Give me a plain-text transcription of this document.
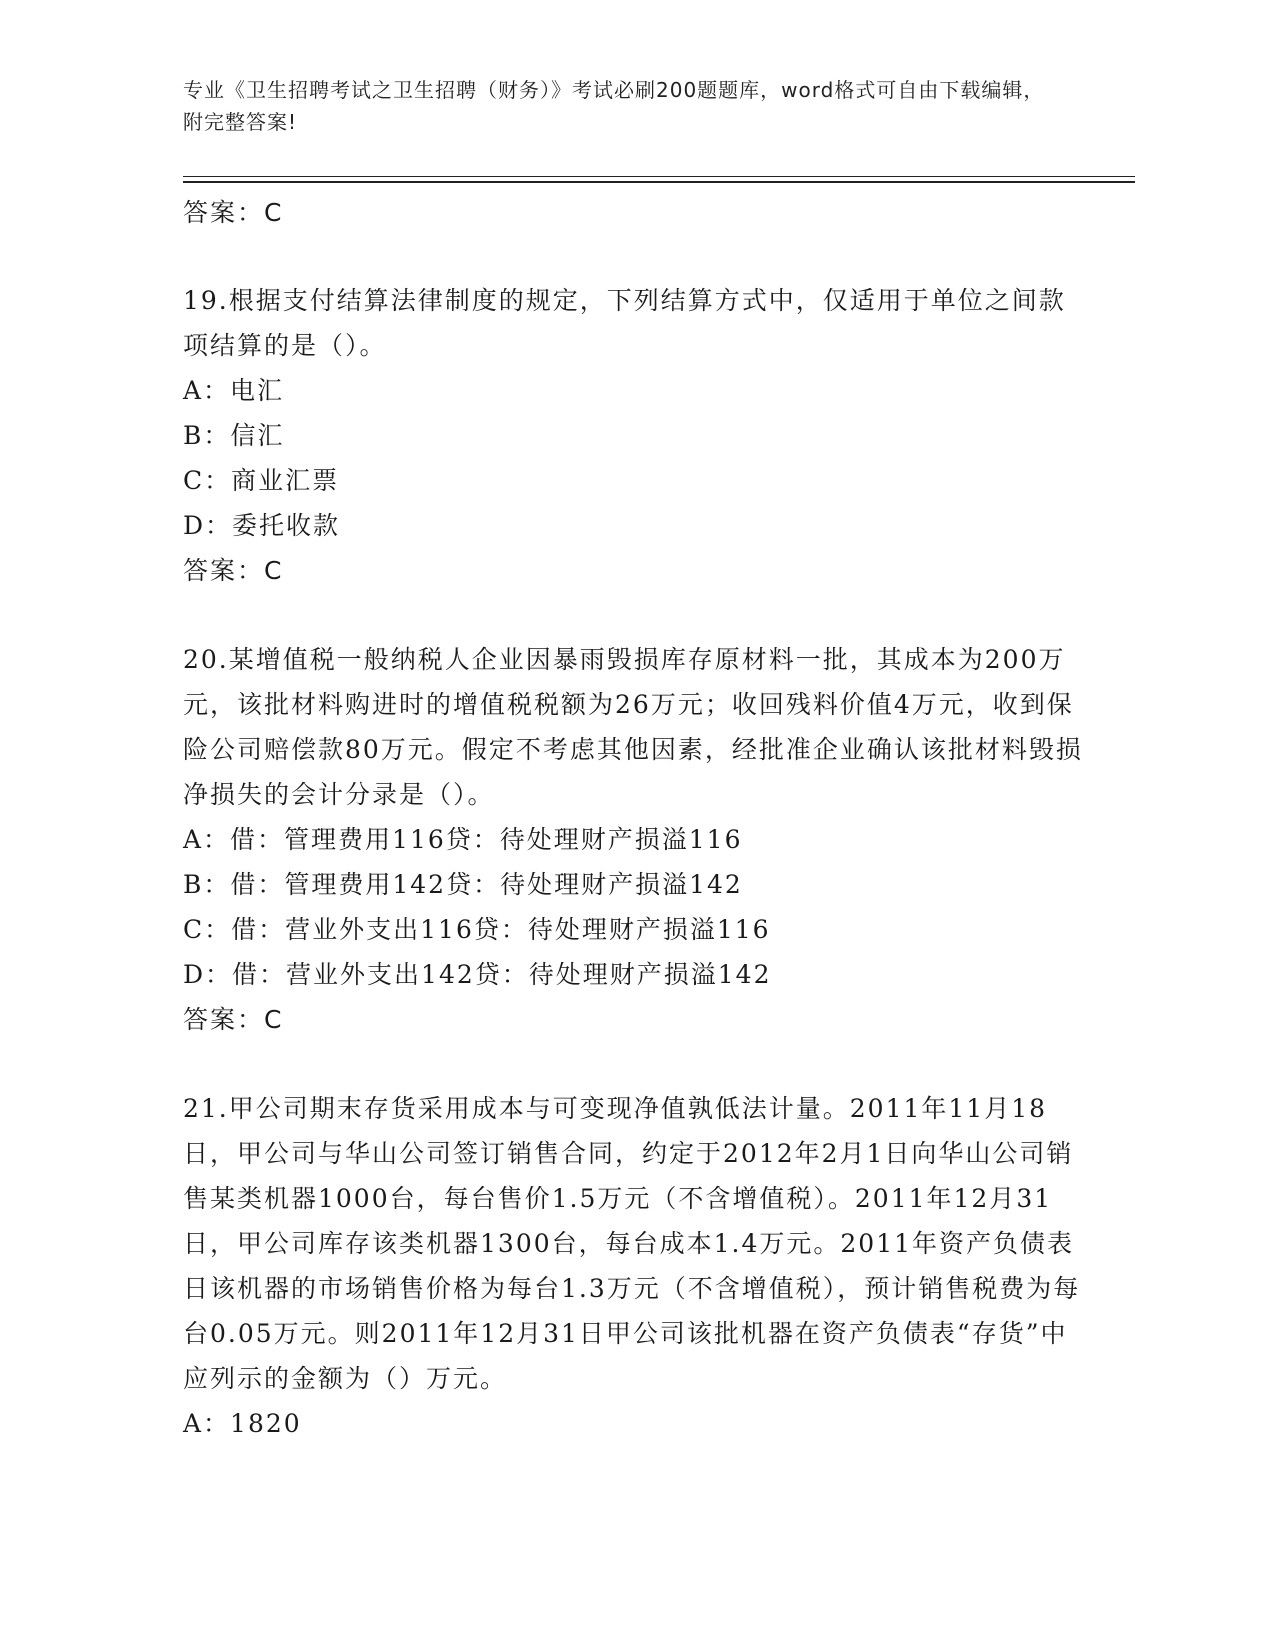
专业《卫生招聘考试之卫生招聘（财务）》考试必刷200题题库，word格式可自由下载编辑，附完整答案!
答案：C
19.根据支付结算法律制度的规定，下列结算方式中，仅适用于单位之间款项结算的是（）。
A：电汇
B：信汇
C：商业汇票
D：委托收款
答案：C
20.某增值税一般纳税人企业因暴雨毁损库存原材料一批，其成本为200万元，该批材料购进时的增值税税额为26万元；收回残料价值4万元，收到保险公司赔偿款80万元。假定不考虑其他因素，经批准企业确认该批材料毁损净损失的会计分录是（）。
A：借：管理费用116贷：待处理财产损溢116
B：借：管理费用142贷：待处理财产损溢142
C：借：营业外支出116贷：待处理财产损溢116
D：借：营业外支出142贷：待处理财产损溢142
答案：C
21.甲公司期末存货采用成本与可变现净值孰低法计量。2011年11月18日，甲公司与华山公司签订销售合同，约定于2012年2月1日向华山公司销售某类机器1000台，每台售价1.5万元（不含增值税）。2011年12月31日，甲公司库存该类机器1300台，每台成本1.4万元。2011年资产负债表日该机器的市场销售价格为每台1.3万元（不含增值税），预计销售税费为每台0.05万元。则2011年12月31日甲公司该批机器在资产负债表“存货”中应列示的金额为（）万元。
A：1820
